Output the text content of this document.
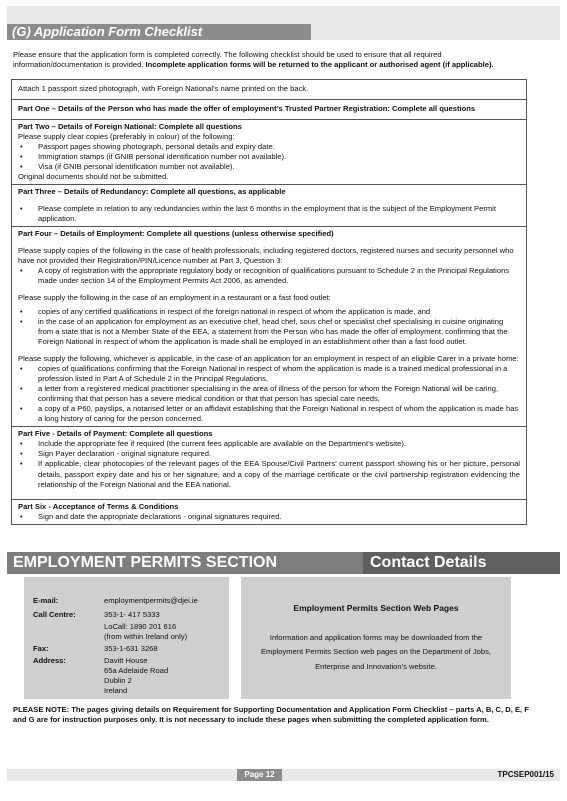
(G) Application Form Checklist
Please ensure that the application form is completed correctly. The following checklist should be used to ensure that all required information/documentation is provided. Incomplete application forms will be returned to the applicant or authorised agent (if applicable).
Attach 1 passport sized photograph, with Foreign National’s name printed on the back.
Part One – Details of the Person who has made the offer of employment’s Trusted Partner Registration: Complete all questions
Part Two – Details of Foreign National: Complete all questions

Please supply clear copies (preferably in colour) of the following:

• Passport pages showing photograph, personal details and expiry date.
• Immigration stamps (if GNIB personal identification number not available).
• Visa (if GNIB personal identification number not available).

Original documents should not be submitted.

Part Three – Details of Redundancy: Complete all questions, as applicable
• Please complete in relation to any redundancies within the last 6 months in the employment that is the subject of the Employment Permit application.
Part Four – Details of Employment: Complete all questions (unless otherwise specified)

Please supply copies of the following in the case of health professionals, including registered doctors, registered nurses and security personnel who have not provided their Registration/PIN/Licence number at Part 3, Question 3:

• A copy of registration with the appropriate regulatory body or recognition of qualifications pursuant to Schedule 2 in the Principal Regulations made under section 14 of the Employment Permits Act 2006, as amended.

Please supply the following in the case of an employment in a restaurant or a fast food outlet:

• copies of any certified qualifications in respect of the foreign national in respect of whom the application is made, and
• in the case of an application for employment as an executive chef, head chef, sous chef or specialist chef specialising in cuisine originating from a state that is not a Member State of the EEA, a statement from the Person who has made the offer of employment, confirming that the Foreign National in respect of whom the application is made shall be employed in an establishment other than a fast food outlet.

Please supply the following, whichever is applicable, in the case of an application for an employment in respect of an eligible Carer in a private home:

• copies of qualifications confirming that the Foreign National in respect of whom the application is made is a trained medical professional in a profession listed in Part A of Schedule 2 in the Principal Regulations,
• a letter from a registered medical practitioner specialising in the area of illness of the person for whom the Foreign National will be caring, confirming that that person has a severe medical condition or that that person has special care needs,
• a copy of a P60, payslips, a notarised letter or an affidavit establishing that the Foreign National in respect of whom the application is made has a long history of caring for the person concerned.
Part Five - Details of Payment: Complete all questions
• Include the appropriate fee if required (the current fees applicable are available on the Department’s website).
• Sign Payer declaration - original signature required.
• If applicable, clear photocopies of the relevant pages of the EEA Spouse/Civil Partners’ current passport showing his or her picture, personal details, passport expiry date and his or her signature, and a copy of the marriage certificate or the civil partnership registration evidencing the relationship of the Foreign National and the EEA national.
Part Six - Acceptance of Terms & Conditions
• Sign and date the appropriate declarations - original signatures required.
EMPLOYMENT PERMITS SECTION	Contact Details
E-mail:	employmentpermits@djei.ie
Call Centre:	353-1- 417 5333
LoCall: 1890 201 616
(from within Ireland only)
Fax:	353-1-631 3268
Address:	Davitt House
65a Adelaide Road
Dublin 2
Ireland
Employment Permits Section Web Pages
Information and application forms may be downloaded from the Employment Permits Section web pages on the Department of Jobs, Enterprise and Innovation’s website.
PLEASE NOTE: The pages giving details on Requirement for Supporting Documentation and Application Form Checklist – parts A, B, C, D, E, F and G are for instruction purposes only. It is not necessary to include these pages when submitting the completed application form.
Page 12	TPCSEP001/15
